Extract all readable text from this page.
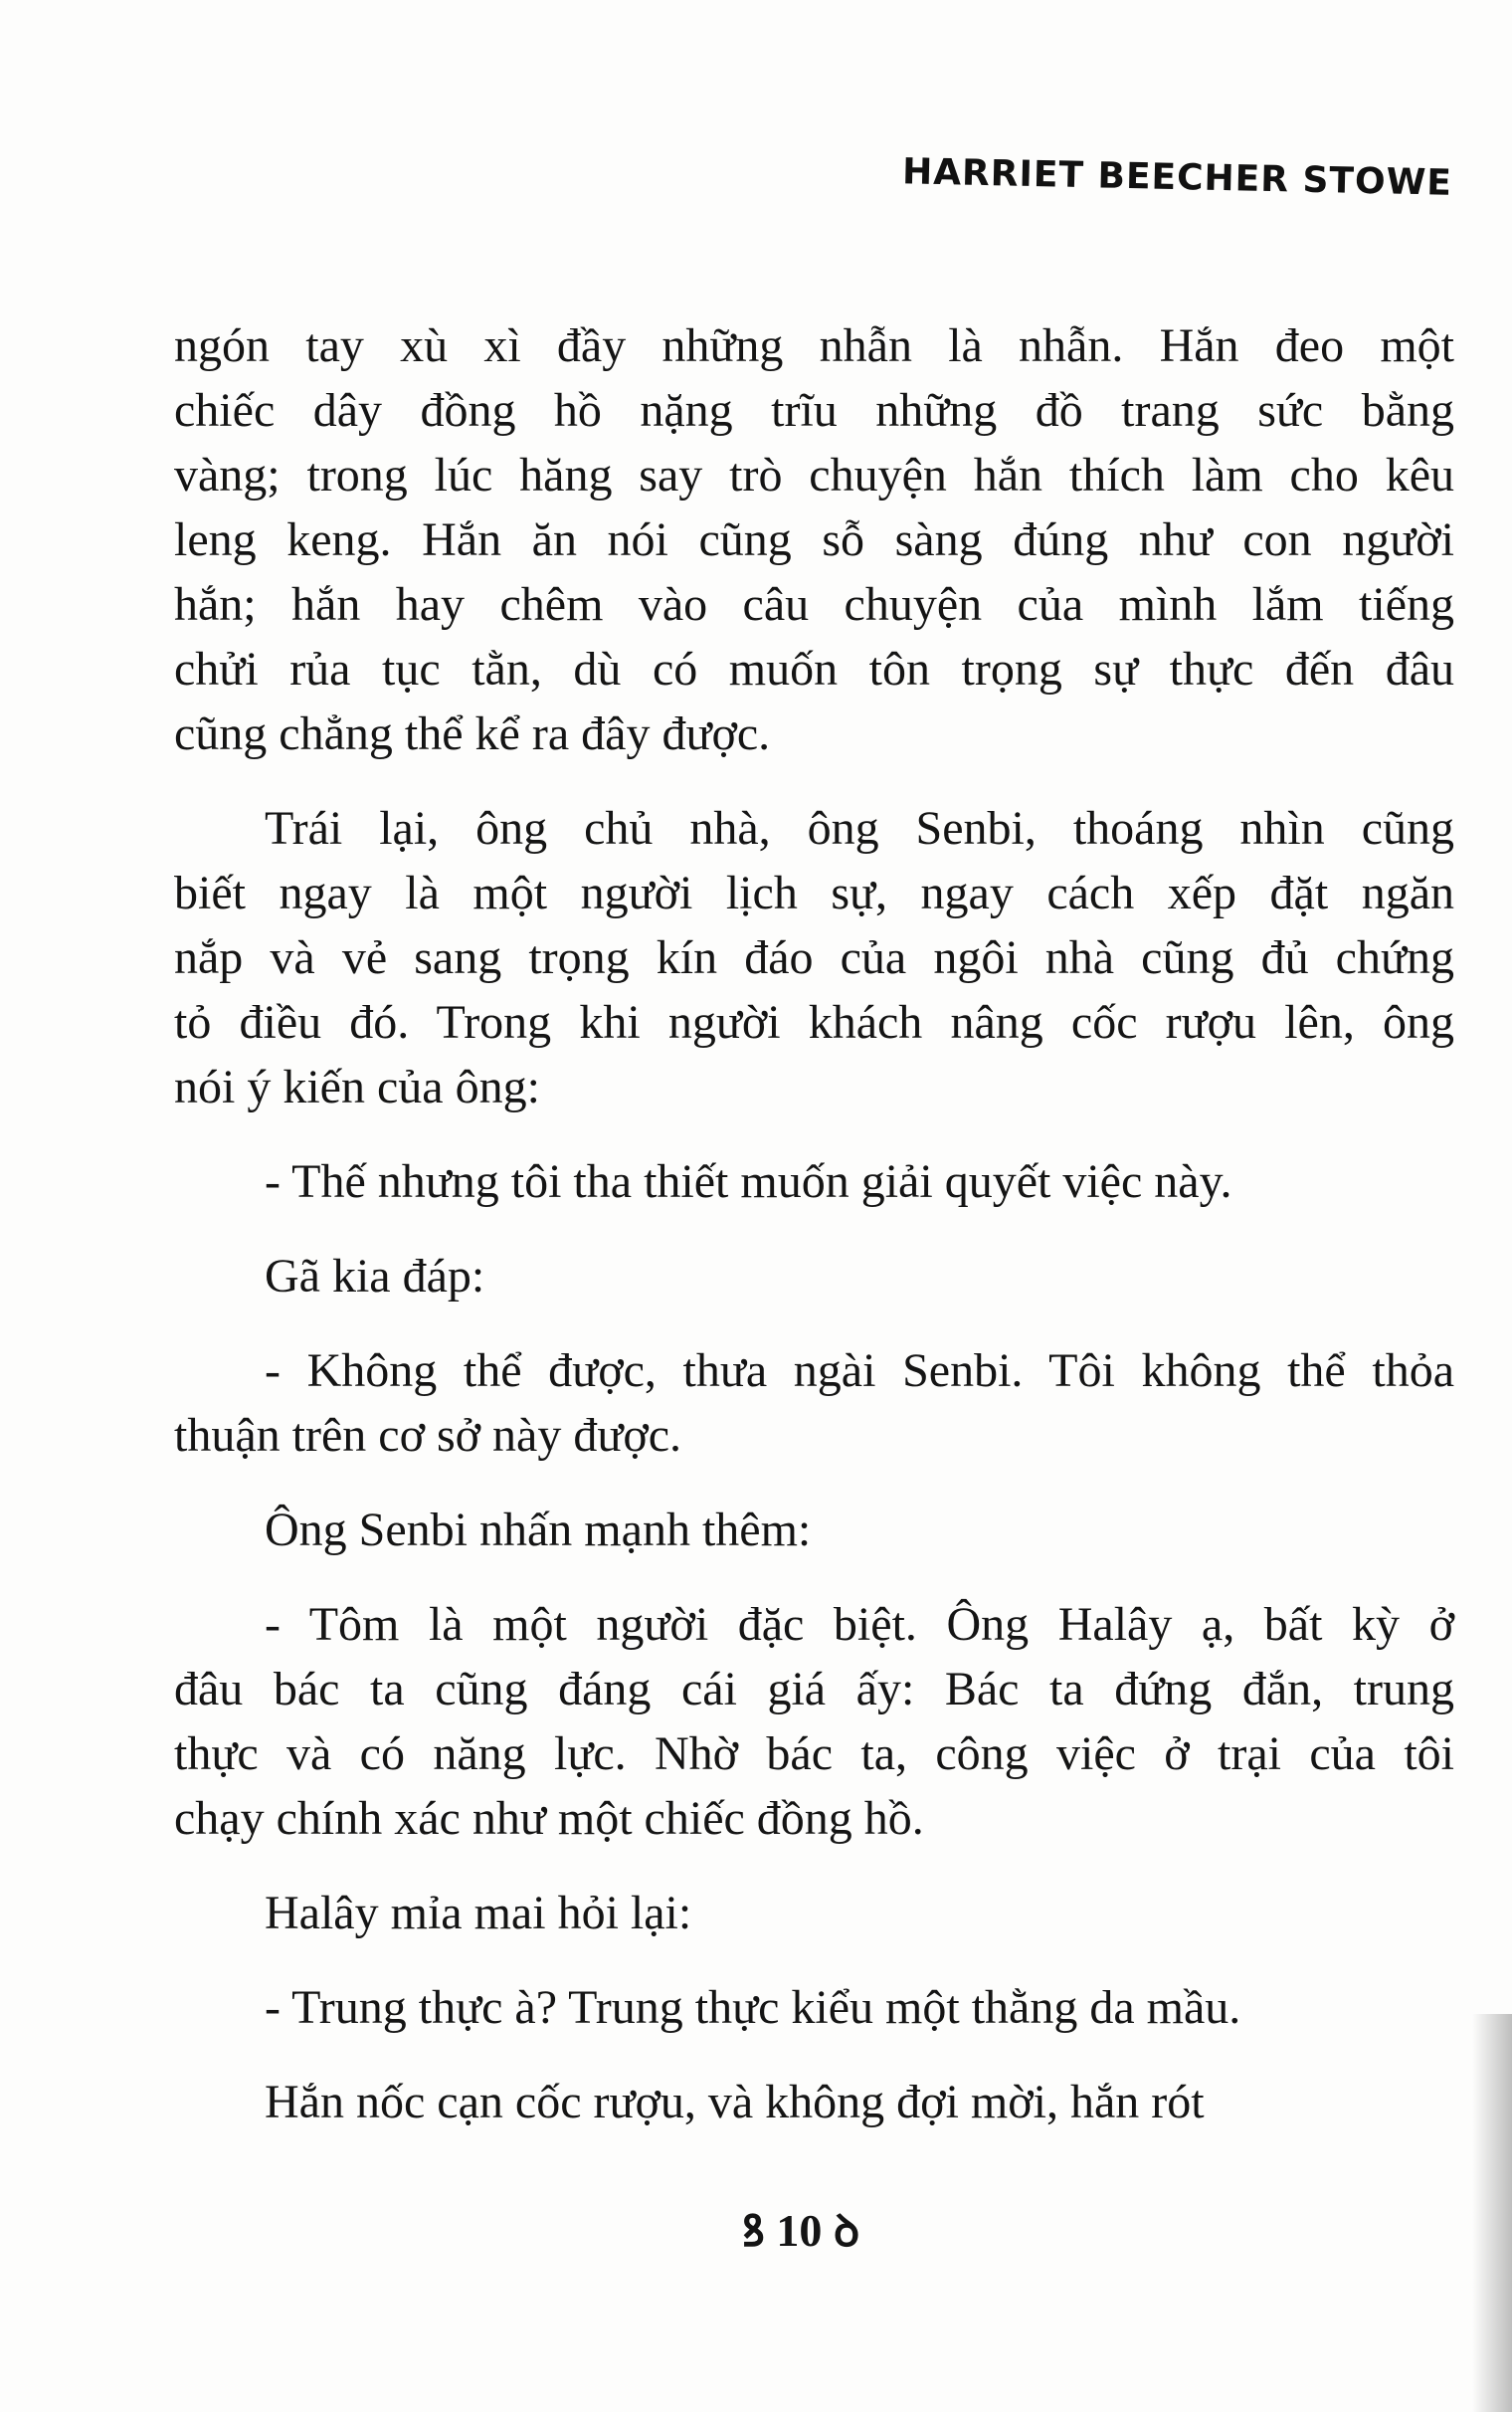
HARRIET BEECHER STOWE
ngón tay xù xì đầy những nhẫn là nhẫn. Hắn đeo một
chiếc dây đồng hồ nặng trĩu những đồ trang sức bằng
vàng; trong lúc hăng say trò chuyện hắn thích làm cho kêu
leng keng. Hắn ăn nói cũng sỗ sàng đúng như con người
hắn; hắn hay chêm vào câu chuyện của mình lắm tiếng
chửi rủa tục tằn, dù có muốn tôn trọng sự thực đến đâu
cũng chẳng thể kể ra đây được.
Trái lại, ông chủ nhà, ông Senbi, thoáng nhìn cũng
biết ngay là một người lịch sự, ngay cách xếp đặt ngăn
nắp và vẻ sang trọng kín đáo của ngôi nhà cũng đủ chứng
tỏ điều đó. Trong khi người khách nâng cốc rượu lên, ông
nói ý kiến của ông:
- Thế nhưng tôi tha thiết muốn giải quyết việc này.
Gã kia đáp:
- Không thể được, thưa ngài Senbi. Tôi không thể thỏa
thuận trên cơ sở này được.
Ông Senbi nhấn mạnh thêm:
- Tôm là một người đặc biệt. Ông Halây ạ, bất kỳ ở
đâu bác ta cũng đáng cái giá ấy: Bác ta đứng đắn, trung
thực và có năng lực. Nhờ bác ta, công việc ở trại của tôi
chạy chính xác như một chiếc đồng hồ.
Halây mỉa mai hỏi lại:
- Trung thực à? Trung thực kiểu một thằng da mầu.
Hắn nốc cạn cốc rượu, và không đợi mời, hắn rót
ꝸ 10 ꝺ
